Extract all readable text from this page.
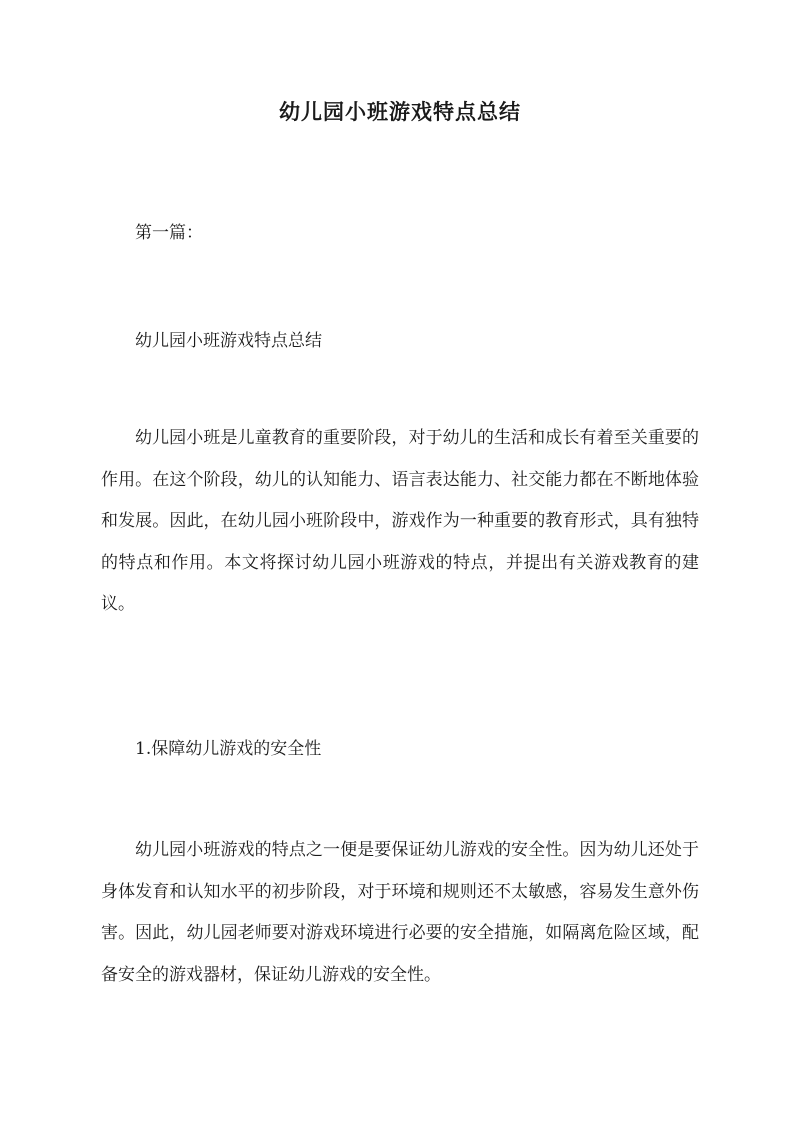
幼儿园小班游戏特点总结
第一篇：
幼儿园小班游戏特点总结
幼儿园小班是儿童教育的重要阶段，对于幼儿的生活和成长有着至关重要的作用。在这个阶段，幼儿的认知能力、语言表达能力、社交能力都在不断地体验和发展。因此，在幼儿园小班阶段中，游戏作为一种重要的教育形式，具有独特的特点和作用。本文将探讨幼儿园小班游戏的特点，并提出有关游戏教育的建议。
1.保障幼儿游戏的安全性
幼儿园小班游戏的特点之一便是要保证幼儿游戏的安全性。因为幼儿还处于身体发育和认知水平的初步阶段，对于环境和规则还不太敏感，容易发生意外伤害。因此，幼儿园老师要对游戏环境进行必要的安全措施，如隔离危险区域，配备安全的游戏器材，保证幼儿游戏的安全性。
